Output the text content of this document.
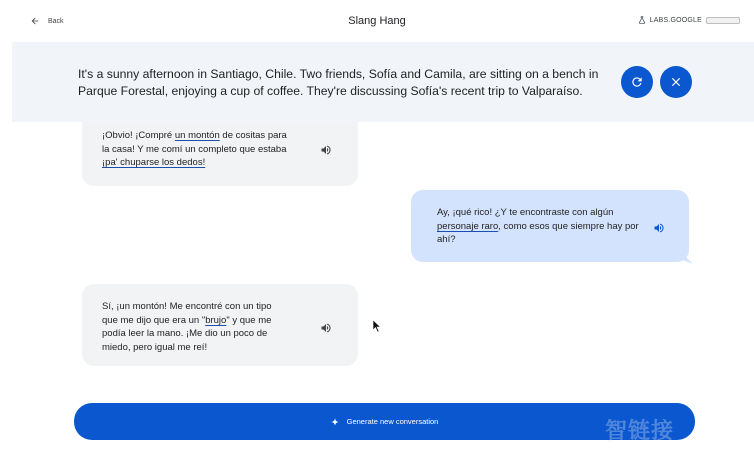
Back	Slang Hang	LABS.GOOGLE
It's a sunny afternoon in Santiago, Chile. Two friends, Sofía and Camila, are sitting on a bench in Parque Forestal, enjoying a cup of coffee. They're discussing Sofía's recent trip to Valparaíso.
¡Obvio! ¡Compré un montón de cositas para la casa! Y me comí un completo que estaba ¡pa' chuparse los dedos!
Ay, ¡qué rico! ¿Y te encontraste con algún personaje raro, como esos que siempre hay por ahí?
Sí, ¡un montón! Me encontré con un tipo que me dijo que era un "brujo" y que me podía leer la mano. ¡Me dio un poco de miedo, pero igual me reí!
Generate new conversation	智链接
